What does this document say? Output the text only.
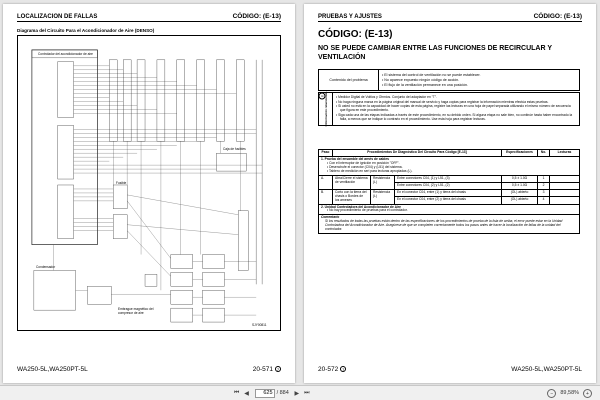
LOCALIZACION DE FALLAS	CÓDIGO: (E-13)
Diagrama del Circuito Para el Acondicionador de Aire (DENSO)
Controlador del acondicionador de aire
Caja de fusibles
Fusible
Condensador
Embrague magnético del compresor de aire
SJY00811
WA250-5L,WA250PT-5L	20-571 7
PRUEBAS Y AJUSTES	CÓDIGO: (E-13)
CÓDIGO: (E-13)
NO SE PUEDE CAMBIAR ENTRE LAS FUNCIONES DE RECIRCULAR Y VENTILACIÓN
Contenido del problema
• El sistema del control de ventilación no se puede establecer.
• No aparece expuesto ningún código de acción.
• El flujo de la ventilación permanece en una posición.
i Información relacionada	• Medidor Digital de Voltios y Ohmios. Conjunto del adaptador en "T".
• No haga ninguna marca en la página original del manual de servicio y haga copias para registrar la información mientras efectúa estas pruebas.
• Si usted no está en la capacidad de hacer copias de esta página, registre las lecturas en una hoja de papel separada utilizando el mismo número de secuencia que figura en este procedimiento.
• Siga cada una de las etapas indicadas a través de este procedimiento, en su debido orden. Si alguna etapa no sale bien, no continúe hasta haber encontrado la falla, a menos que se indique lo contrario en el procedimiento. Use esta hoja para registrar lecturas.
Paso	Procedimientos De Diagnóstico Del Circuito Para Código [E-13]			Especificaciones	No.	Lecturas

1. Prueba del ensamble del arnés de cables
• Con el interruptor de ignición en posición "OFF".
• Desenchufe el conector (C04) y (L51) del sistema.
• Tablero de medición en seri para lecturas apropiadas (L).						

A.	Abra/Cierre el sistema de ventilación	Resistencia (L)	Entre conectores C04, (1) y L51, (3)	0,5 ± 1.0Ω	1	
			Entre conectores C04, (2) y L51, (2)	0,5 ± 1.0Ω	2	
B.	Corto con la tierra del chasis o Bordes de los arneses	Resistencia (L)	En el conector C04, entre (1) y tierra del chasis	(OL) abierto	3	
			En el conector C04, entre (2) y tierra del chasis	(OL) abierto	4	

2. Unidad Controladora del Acondicionador de Aire
• No hay procedimiento de pruebas para el controlador.						

Comentario
Si los resultados de todas las pruebas están dentro de las especificaciones de los procedimientos de prueba de la lista de arriba, el error puede estar en la Unidad Controladora del Acondicionador de Aire. Asegúrese de que se completen correctamente todos los pasos antes de hacer la localización de fallas de la unidad del controlador.						
20-572 7	WA250-5L,WA250PT-5L
⏮ ◀
625	/ 884 ▶ ⏭	−	89,58%	+
